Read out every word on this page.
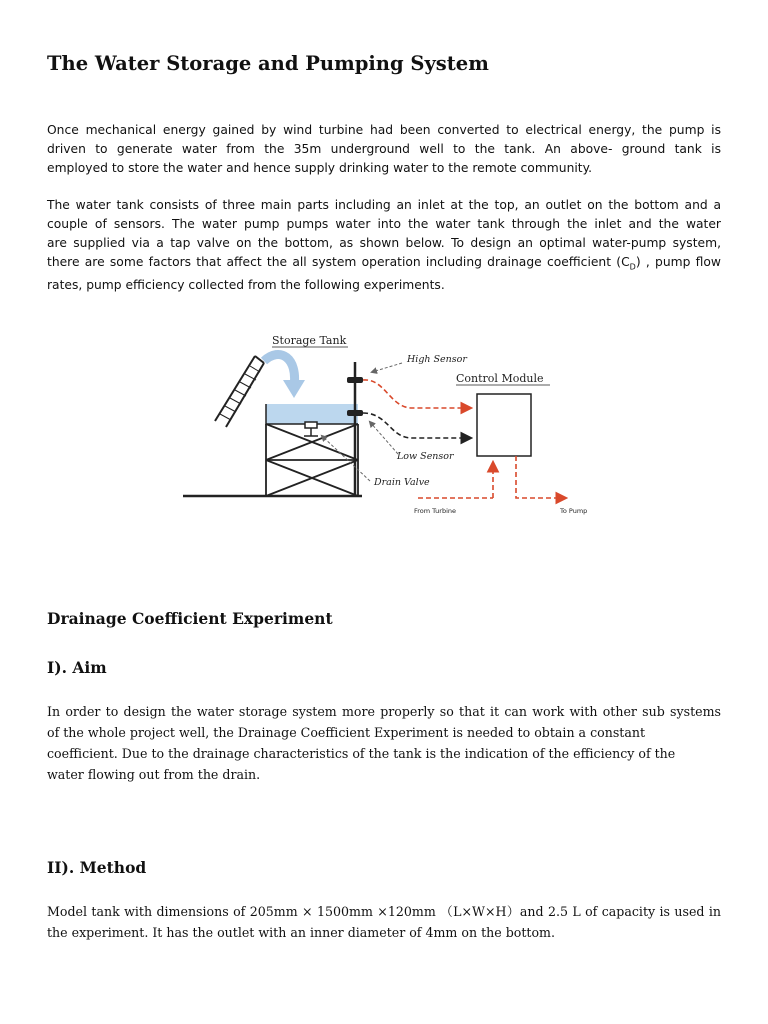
The Water Storage and Pumping System
Once mechanical energy gained by wind turbine had been converted to electrical energy, the pump is
driven to generate water from the 35m underground well to the tank. An above- ground tank is
employed to store the water and hence supply drinking water to the remote community.
The water tank consists of three main parts including an inlet at the top, an outlet on the bottom and a
couple of sensors. The water pump pumps water into the water tank through the inlet and the water
are supplied via a tap valve on the bottom, as shown below. To design an optimal water-pump system,
there are some factors that affect the all system operation including drainage coefficient $(C_D)$ , pump flow
rates, pump efficiency collected from the following experiments.
Storage Tank
High Sensor
Control Module
Low Sensor
Drain Valve
From Turbine	To Pump
Drainage Coefficient Experiment
I). Aim
In order to design the water storage system more properly so that it can work with other sub systems
of the whole project well, the Drainage Coefficient Experiment is needed to obtain a constant
coefficient. Due to the drainage characteristics of the tank is the indication of the efficiency of the
water flowing out from the drain.
II). Method
Model tank with dimensions of 205mm × 1500mm ×120mm （L×W×H）and 2.5 L of capacity is used in
the experiment. It has the outlet with an inner diameter of 4mm on the bottom.
